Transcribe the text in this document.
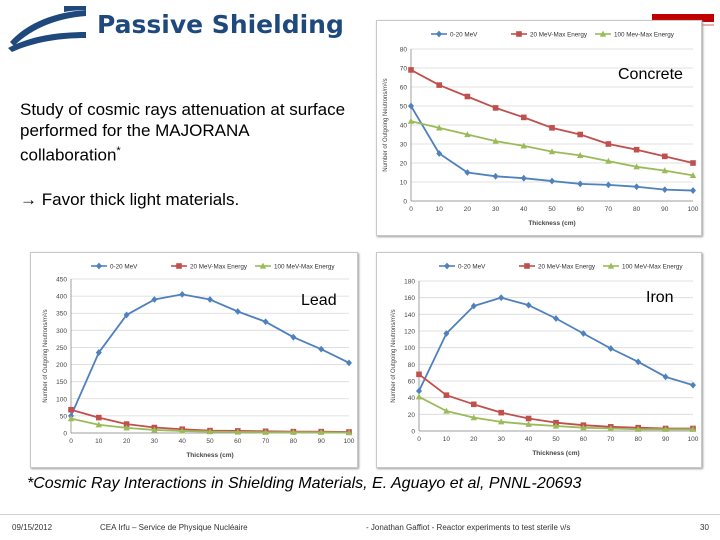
Passive Shielding
Study of cosmic rays attenuation at surface performed for the MAJORANA collaboration*
→ Favor thick light materials.	0
10
20
30
40
50
60
70
80
0	10	20	30	40	50	60	70	80	90	100
Thickness (cm)
Number of Outgoing Neutrons/m²/s
0-20 MeV	20 MeV-Max Energy	100 Mev-Max Energy
Concrete
0
50
100
150
200
250
300
350
400
450
0	10	20	30	40	50	60	70	80	90	100
Thickness (cm)
Number of Outgoing Neutrons/m²/s
0-20 MeV	20 MeV-Max Energy	100 MeV-Max Energy
Lead
0
20
40
60
80
100
120
140
160
180
0	10	20	30	40	50	60	70	80	90	100
Thickness (cm)
Number of Outgoing Neutrons/m²/s
0-20 MeV	20 MeV-Max Energy	100 MeV-Max Energy
Iron
*Cosmic Ray Interactions in Shielding Materials, E. Aguayo et al, PNNL-20693
09/15/2012	CEA Irfu – Service de Physique Nucléaire	- Jonathan Gaffiot - Reactor experiments to test sterile ν/s	30
